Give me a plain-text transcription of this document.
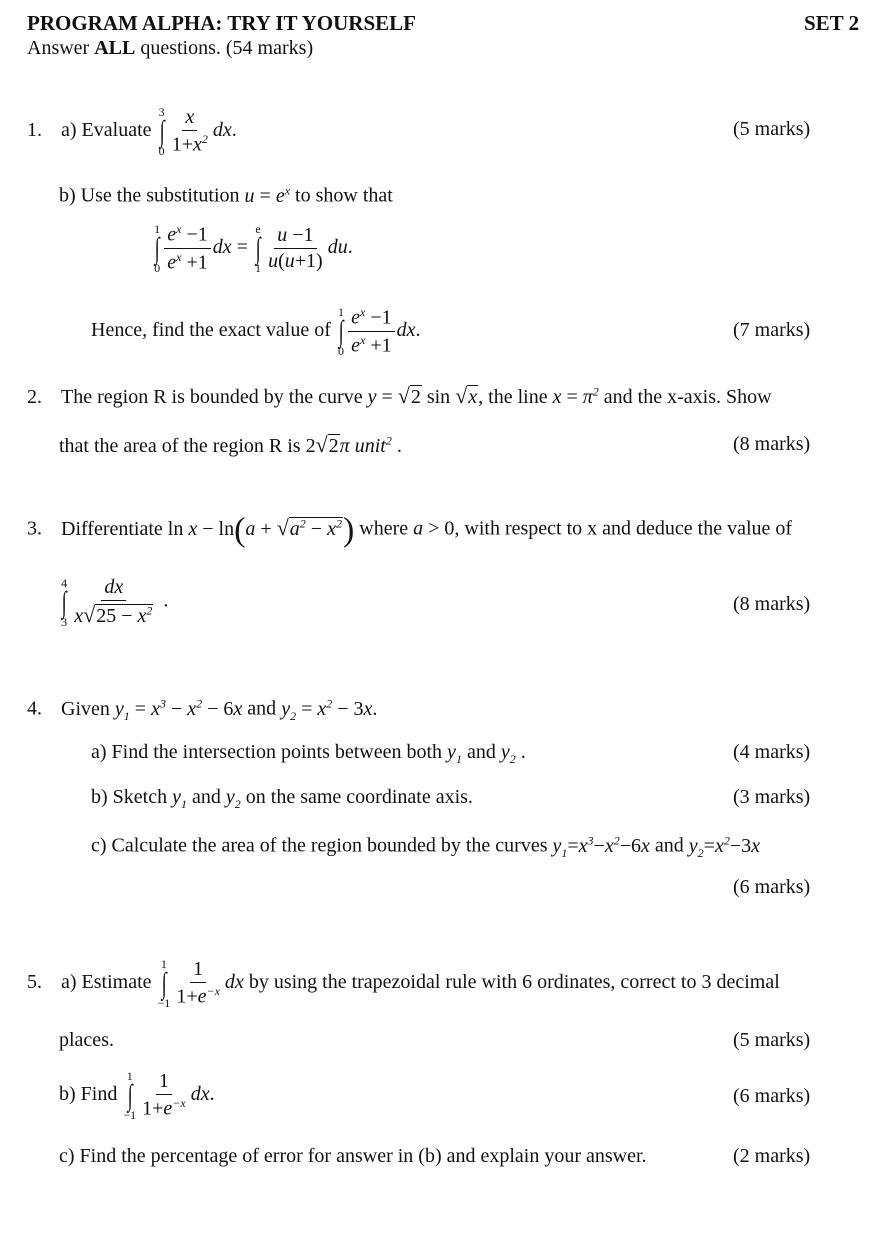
PROGRAM ALPHA: TRY IT YOURSELF	SET 2
Answer ALL questions. (54 marks)
1. a) Evaluate
3
∫
$0 \frac{x}{1+x^2}$ dx.	(5 marks)
b) Use the substitution $u = e^x$ to show that
1
∫
$0 \frac{e^x -1}{e^x +1}$ dx =
e
∫
$1 \frac{u -1}{u(u+1)}$ du.
Hence, find the exact value of
1
∫
$0 \frac{e^x -1}{e^x +1}$ dx.	(7 marks)
2. The region R is bounded by the curve y = √2 sin √x, the line $x = \pi^2$ and the x-axis. Show
that the area of the region R is 2√2π unit$^2$ .	(8 marks)
3. Differentiate $\ln x - \ln(a + √a^2 - x^2)$ where a > 0, with respect to x and deduce the value of
4
∫
$3 \frac{dx}{x√25 - x^2}$ .	(8 marks)
4. Given $y_1 = x^3 - x^2 - 6x$ and $y_2 = x^2 - 3x$.
a) Find the intersection points between both $y_1$ and $y_2$ .	(4 marks)
b) Sketch $y_1$ and $y_2$ on the same coordinate axis.	(3 marks)
c) Calculate the area of the region bounded by the curves $y_1=x^3-x^2-6x$ and $y_2=x^2-3x$
(6 marks)
5. a) Estimate
1
∫
$-1 \frac{1}{1+e^{-x}}$ dx by using the trapezoidal rule with 6 ordinates, correct to 3 decimal
places.	(5 marks)
b) Find
1
∫
$-1 \frac{1}{1+e^{-x}}$ dx.	(6 marks)
c) Find the percentage of error for answer in (b) and explain your answer.	(2 marks)
